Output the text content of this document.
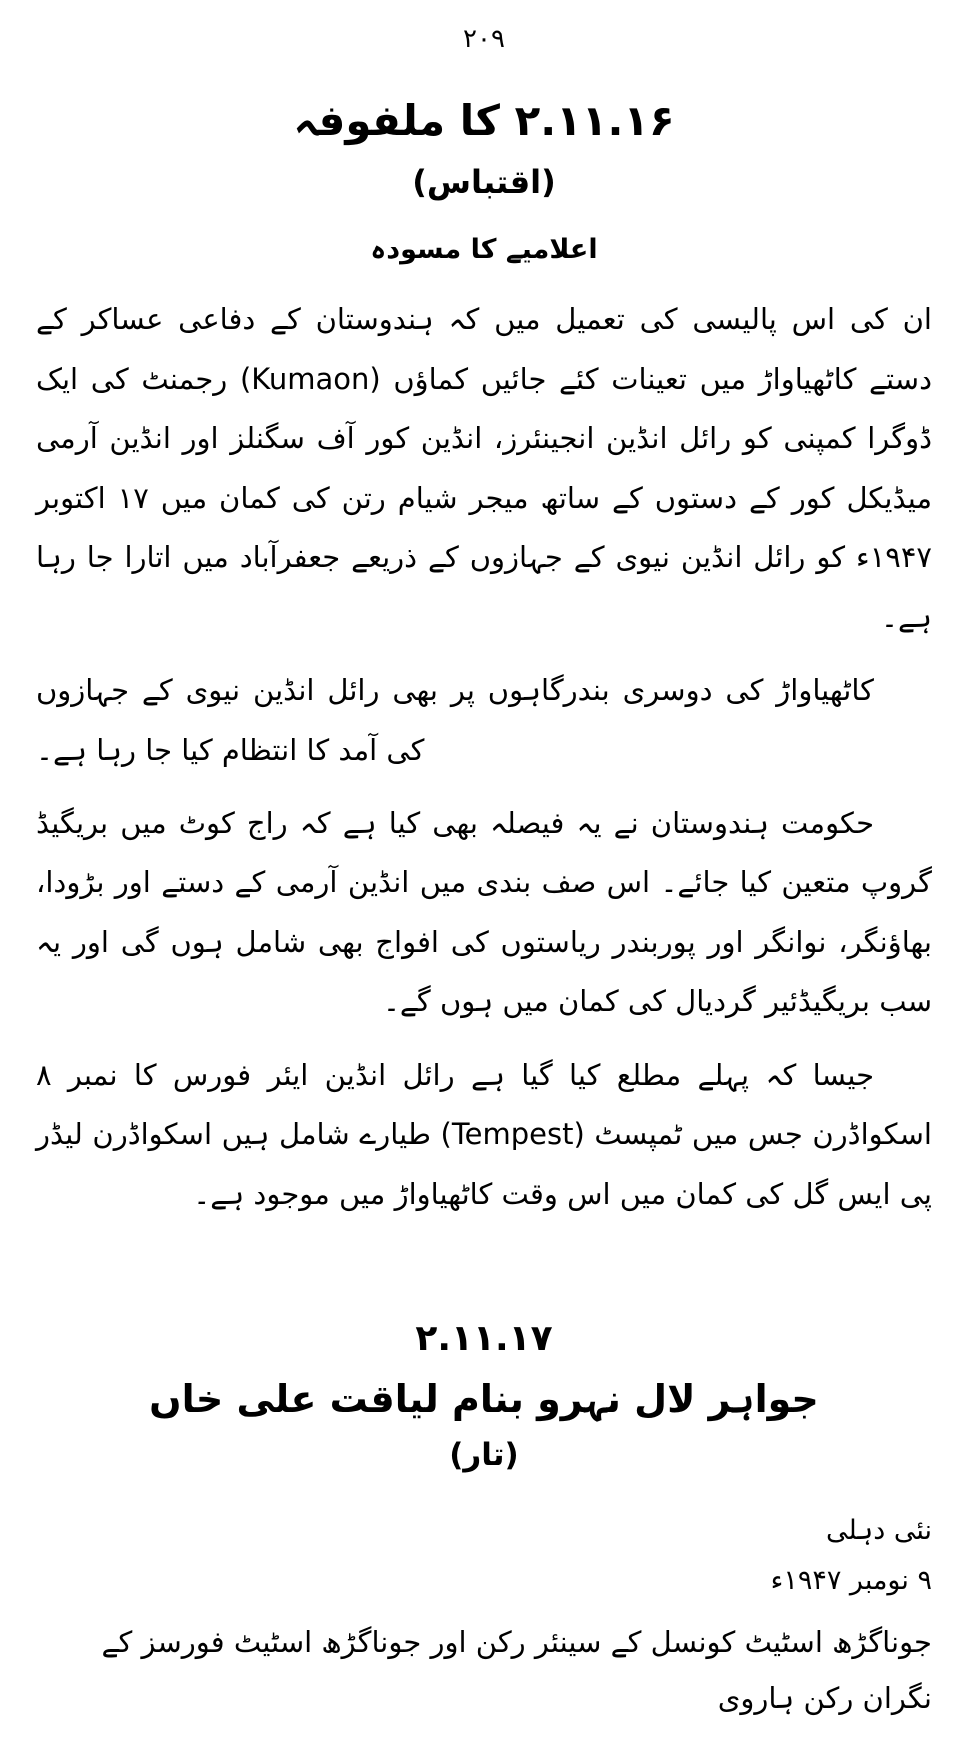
۲۰۹
۲.۱۱.۱۶ کا ملفوفہ
(اقتباس)
اعلامیے کا مسودہ

ان کی اس پالیسی کی تعمیل میں کہ ہندوستان کے دفاعی عساکر کے دستے کاٹھیاواڑ میں تعینات کئے جائیں کماؤں (Kumaon) رجمنٹ کی ایک ڈوگرا کمپنی کو رائل انڈین انجینئرز، انڈین کور آف سگنلز اور انڈین آرمی میڈیکل کور کے دستوں کے ساتھ میجر شیام رتن کی کمان میں ۱۷ اکتوبر ۱۹۴۷ء کو رائل انڈین نیوی کے جہازوں کے ذریعے جعفرآباد میں اتارا جا رہا ہے۔

کاٹھیاواڑ کی دوسری بندرگاہوں پر بھی رائل انڈین نیوی کے جہازوں کی آمد کا انتظام کیا جا رہا ہے۔

حکومت ہندوستان نے یہ فیصلہ بھی کیا ہے کہ راج کوٹ میں بریگیڈ گروپ متعین کیا جائے۔ اس صف بندی میں انڈین آرمی کے دستے اور بڑودا، بھاؤنگر، نوانگر اور پوربندر ریاستوں کی افواج بھی شامل ہوں گی اور یہ سب بریگیڈئیر گردیال کی کمان میں ہوں گے۔

جیسا کہ پہلے مطلع کیا گیا ہے رائل انڈین ایئر فورس کا نمبر ۸ اسکواڈرن جس میں ٹمپسٹ (Tempest) طیارے شامل ہیں اسکواڈرن لیڈر پی ایس گل کی کمان میں اس وقت کاٹھیاواڑ میں موجود ہے۔

۲.۱۱.۱۷
جواہر لال نہرو بنام لیاقت علی خاں
(تار)
نئی دہلی
۹ نومبر ۱۹۴۷ء
جوناگڑھ اسٹیٹ کونسل کے سینئر رکن اور جوناگڑھ اسٹیٹ فورسز کے نگران رکن ہاروی
